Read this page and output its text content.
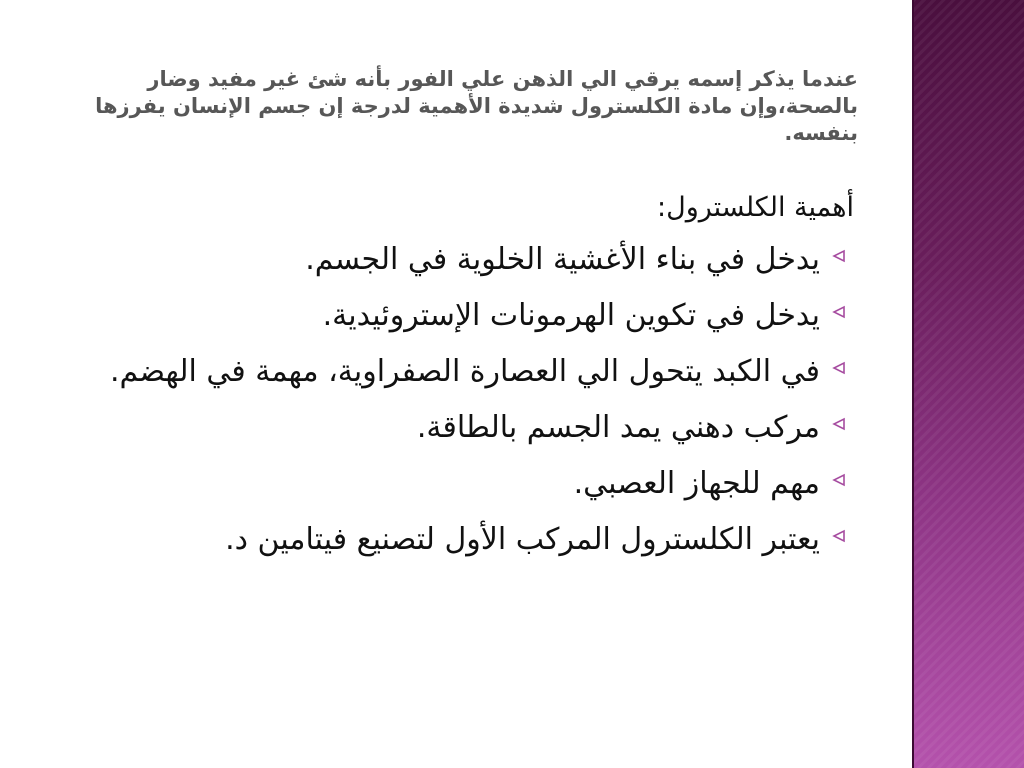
عندما يذكر إسمه يرقي الي الذهن علي الفور بأنه شئ غير مفيد وضار بالصحة،وإن مادة الكلسترول شديدة الأهمية لدرجة إن جسم الإنسان يفرزها بنفسه.

أهمية الكلسترول:

يدخل في بناء الأغشية الخلوية في الجسم.
يدخل في تكوين الهرمونات الإستروئيدية.
في الكبد يتحول الي العصارة الصفراوية، مهمة في الهضم.
مركب دهني يمد الجسم بالطاقة.
مهم للجهاز العصبي.
يعتبر الكلسترول المركب الأول لتصنيع فيتامين د.
